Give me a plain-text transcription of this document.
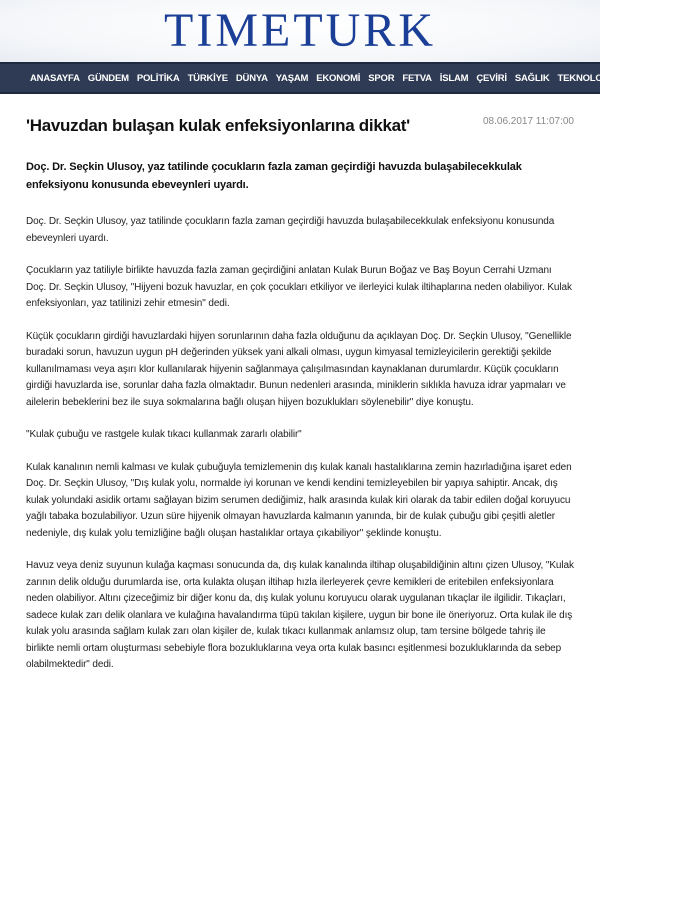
TIMETURK
ANASAYFA GÜNDEM POLİTİKA TÜRKİYE DÜNYA YAŞAM EKONOMİ SPOR FETVA İSLAM ÇEVİRİ SAĞLIK TEKNOLOJİ FOTO VİDEO
'Havuzdan bulaşan kulak enfeksiyonlarına dikkat'	08.06.2017 11:07:00

Doç. Dr. Seçkin Ulusoy, yaz tatilinde çocukların fazla zaman geçirdiği havuzda bulaşabilecekkulak enfeksiyonu konusunda ebeveynleri uyardı.

Doç. Dr. Seçkin Ulusoy, yaz tatilinde çocukların fazla zaman geçirdiği havuzda bulaşabilecekkulak enfeksiyonu konusunda ebeveynleri uyardı.

Çocukların yaz tatiliyle birlikte havuzda fazla zaman geçirdiğini anlatan Kulak Burun Boğaz ve Baş Boyun Cerrahi Uzmanı Doç. Dr. Seçkin Ulusoy, "Hijyeni bozuk havuzlar, en çok çocukları etkiliyor ve ilerleyici kulak iltihaplarına neden olabiliyor. Kulak enfeksiyonları, yaz tatilinizi zehir etmesin" dedi.

Küçük çocukların girdiği havuzlardaki hijyen sorunlarının daha fazla olduğunu da açıklayan Doç. Dr. Seçkin Ulusoy, "Genellikle buradaki sorun, havuzun uygun pH değerinden yüksek yani alkali olması, uygun kimyasal temizleyicilerin gerektiği şekilde kullanılmaması veya aşırı klor kullanılarak hijyenin sağlanmaya çalışılmasından kaynaklanan durumlardır. Küçük çocukların girdiği havuzlarda ise, sorunlar daha fazla olmaktadır. Bunun nedenleri arasında, miniklerin sıklıkla havuza idrar yapmaları ve ailelerin bebeklerini bez ile suya sokmalarına bağlı oluşan hijyen bozuklukları söylenebilir" diye konuştu.

"Kulak çubuğu ve rastgele kulak tıkacı kullanmak zararlı olabilir"

Kulak kanalının nemli kalması ve kulak çubuğuyla temizlemenin dış kulak kanalı hastalıklarına zemin hazırladığına işaret eden Doç. Dr. Seçkin Ulusoy, "Dış kulak yolu, normalde iyi korunan ve kendi kendini temizleyebilen bir yapıya sahiptir. Ancak, dış kulak yolundaki asidik ortamı sağlayan bizim serumen dediğimiz, halk arasında kulak kiri olarak da tabir edilen doğal koruyucu yağlı tabaka bozulabiliyor. Uzun süre hijyenik olmayan havuzlarda kalmanın yanında, bir de kulak çubuğu gibi çeşitli aletler nedeniyle, dış kulak yolu temizliğine bağlı oluşan hastalıklar ortaya çıkabiliyor" şeklinde konuştu.

Havuz veya deniz suyunun kulağa kaçması sonucunda da, dış kulak kanalında iltihap oluşabildiğinin altını çizen Ulusoy, "Kulak zarının delik olduğu durumlarda ise, orta kulakta oluşan iltihap hızla ilerleyerek çevre kemikleri de eritebilen enfeksiyonlara neden olabiliyor. Altını çizeceğimiz bir diğer konu da, dış kulak yolunu koruyucu olarak uygulanan tıkaçlar ile ilgilidir. Tıkaçları, sadece kulak zarı delik olanlara ve kulağına havalandırma tüpü takılan kişilere, uygun bir bone ile öneriyoruz. Orta kulak ile dış kulak yolu arasında sağlam kulak zarı olan kişiler de, kulak tıkacı kullanmak anlamsız olup, tam tersine bölgede tahriş ile birlikte nemli ortam oluşturması sebebiyle flora bozukluklarına veya orta kulak basıncı eşitlenmesi bozukluklarında da sebep olabilmektedir" dedi.
